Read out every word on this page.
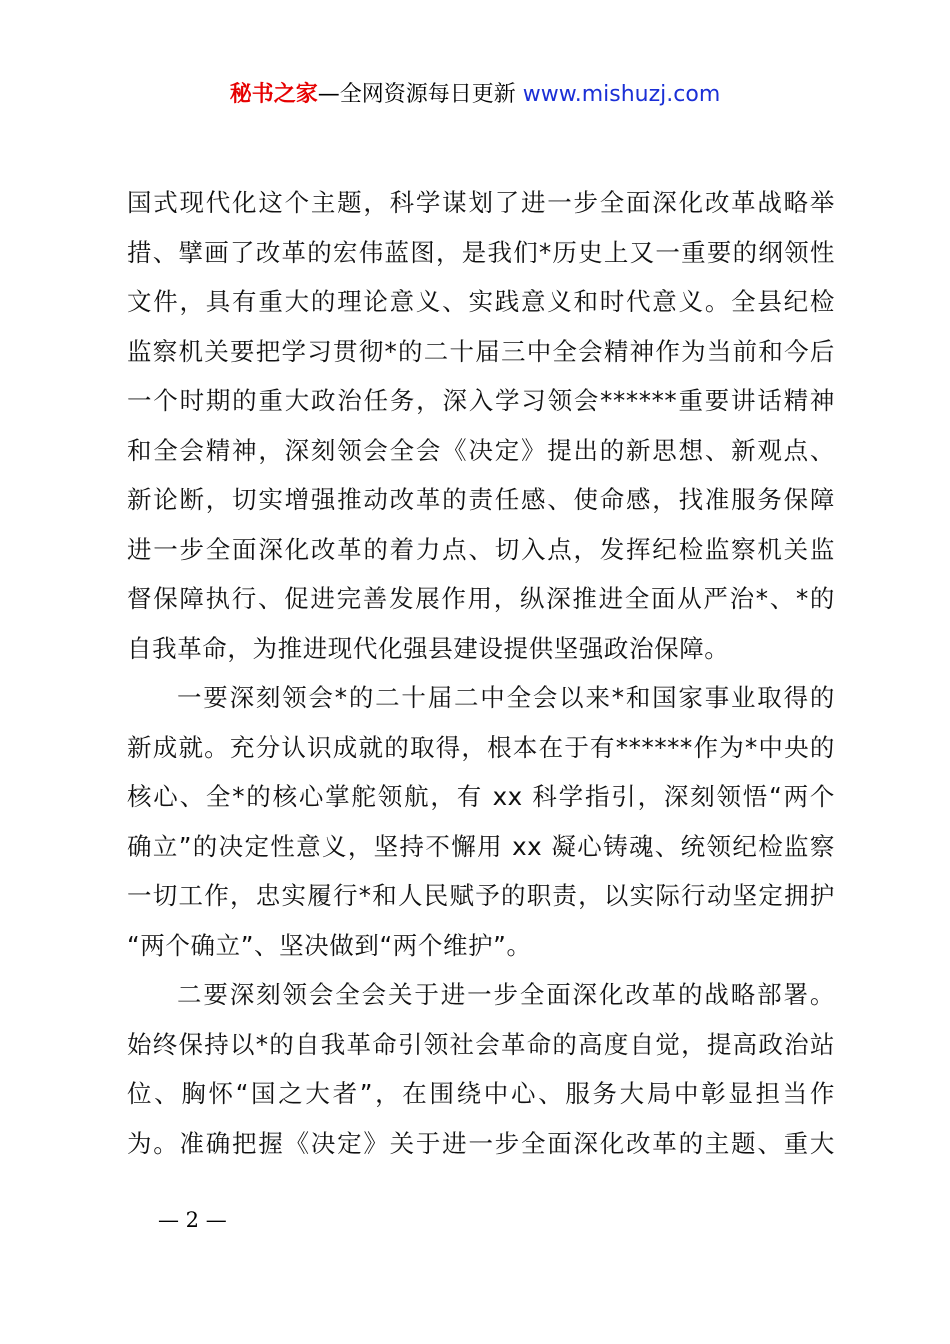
秘书之家—全网资源每日更新 www.mishuzj.com

国式现代化这个主题，科学谋划了进一步全面深化改革战略举
措、擘画了改革的宏伟蓝图，是我们*历史上又一重要的纲领性
文件，具有重大的理论意义、实践意义和时代意义。全县纪检
监察机关要把学习贯彻*的二十届三中全会精神作为当前和今后
一个时期的重大政治任务，深入学习领会******重要讲话精神
和全会精神，深刻领会全会《决定》提出的新思想、新观点、
新论断，切实增强推动改革的责任感、使命感，找准服务保障
进一步全面深化改革的着力点、切入点，发挥纪检监察机关监
督保障执行、促进完善发展作用，纵深推进全面从严治*、*的
自我革命，为推进现代化强县建设提供坚强政治保障。

一要深刻领会*的二十届二中全会以来*和国家事业取得的
新成就。充分认识成就的取得，根本在于有******作为*中央的
核心、全*的核心掌舵领航，有 xx 科学指引，深刻领悟“两个
确立”的决定性意义，坚持不懈用 xx 凝心铸魂、统领纪检监察
一切工作，忠实履行*和人民赋予的职责，以实际行动坚定拥护
“两个确立”、坚决做到“两个维护”。

二要深刻领会全会关于进一步全面深化改革的战略部署。
始终保持以*的自我革命引领社会革命的高度自觉，提高政治站
位、胸怀“国之大者”，在围绕中心、服务大局中彰显担当作
为。准确把握《决定》关于进一步全面深化改革的主题、重大

— 2 —
